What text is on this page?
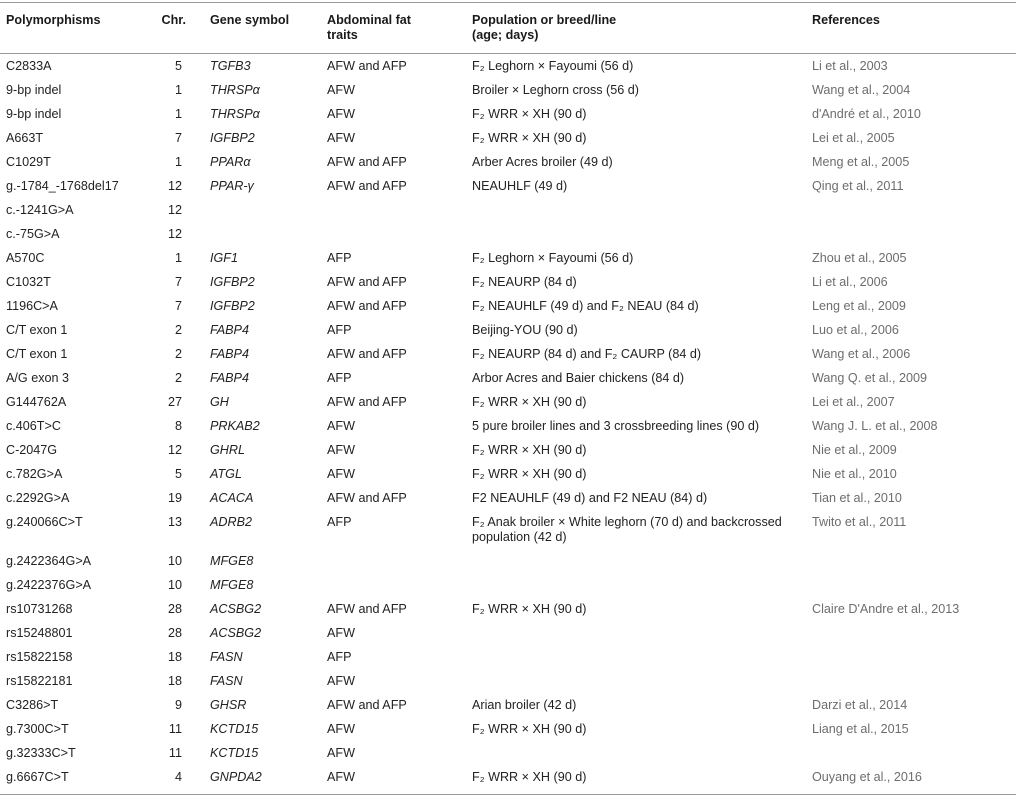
Polymorphisms	Chr.	Gene symbol	Abdominal fat traits	Population or breed/line (age; days)	References
C2833A	5	TGFB3	AFW and AFP	F₂ Leghorn × Fayoumi (56 d)	Li et al., 2003
9-bp indel	1	THRSPα	AFW	Broiler × Leghorn cross (56 d)	Wang et al., 2004
9-bp indel	1	THRSPα	AFW	F₂ WRR × XH (90 d)	d'André et al., 2010
A663T	7	IGFBP2	AFW	F₂ WRR × XH (90 d)	Lei et al., 2005
C1029T	1	PPARα	AFW and AFP	Arber Acres broiler (49 d)	Meng et al., 2005
g.-1784_-1768del17	12	PPAR-γ	AFW and AFP	NEAUHLF (49 d)	Qing et al., 2011
c.-1241G>A	12				
c.-75G>A	12				
A570C	1	IGF1	AFP	F₂ Leghorn × Fayoumi (56 d)	Zhou et al., 2005
C1032T	7	IGFBP2	AFW and AFP	F₂ NEAURP (84 d)	Li et al., 2006
1196C>A	7	IGFBP2	AFW and AFP	F₂ NEAUHLF (49 d) and F₂ NEAU (84 d)	Leng et al., 2009
C/T exon 1	2	FABP4	AFP	Beijing-YOU (90 d)	Luo et al., 2006
C/T exon 1	2	FABP4	AFW and AFP	F₂ NEAURP (84 d) and F₂ CAURP (84 d)	Wang et al., 2006
A/G exon 3	2	FABP4	AFP	Arbor Acres and Baier chickens (84 d)	Wang Q. et al., 2009
G144762A	27	GH	AFW and AFP	F₂ WRR × XH (90 d)	Lei et al., 2007
c.406T>C	8	PRKAB2	AFW	5 pure broiler lines and 3 crossbreeding lines (90 d)	Wang J. L. et al., 2008
C-2047G	12	GHRL	AFW	F₂ WRR × XH (90 d)	Nie et al., 2009
c.782G>A	5	ATGL	AFW	F₂ WRR × XH (90 d)	Nie et al., 2010
c.2292G>A	19	ACACA	AFW and AFP	F2 NEAUHLF (49 d) and F2 NEAU (84) d)	Tian et al., 2010
g.240066C>T	13	ADRB2	AFP	F₂ Anak broiler × White leghorn (70 d) and backcrossed population (42 d)	Twito et al., 2011
g.2422364G>A	10	MFGE8			
g.2422376G>A	10	MFGE8			
rs10731268	28	ACSBG2	AFW and AFP	F₂ WRR × XH (90 d)	Claire D'Andre et al., 2013
rs15248801	28	ACSBG2	AFW		
rs15822158	18	FASN	AFP		
rs15822181	18	FASN	AFW		
C3286>T	9	GHSR	AFW and AFP	Arian broiler (42 d)	Darzi et al., 2014
g.7300C>T	11	KCTD15	AFW	F₂ WRR × XH (90 d)	Liang et al., 2015
g.32333C>T	11	KCTD15	AFW		
g.6667C>T	4	GNPDA2	AFW	F₂ WRR × XH (90 d)	Ouyang et al., 2016
